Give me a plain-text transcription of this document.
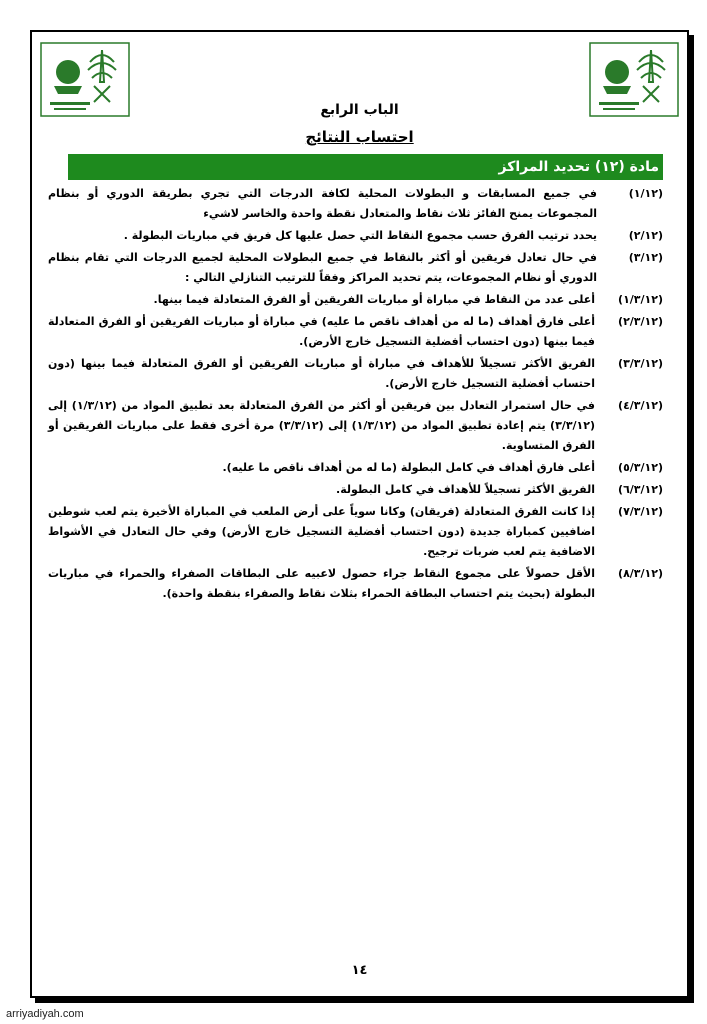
الباب الرابع
احتساب النتائج
مادة (١٢) تحديد المراكز
(١/١٢)
في جميع المسابقات و البطولات المحلية لكافة الدرجات التي تجري بطريقة الدوري أو بنظام المجموعات يمنح الفائز ثلاث نقاط والمتعادل نقطة واحدة والخاسر لاشيء
(٢/١٢)
يحدد ترتيب الفرق حسب مجموع النقاط التي حصل عليها كل فريق في مباريات البطولة .
(٣/١٢)
في حال تعادل فريقين أو أكثر بالنقاط في جميع البطولات المحلية لجميع الدرجات التي تقام بنظام الدوري أو نظام المجموعات، يتم تحديد المراكز وفقاً للترتيب التنازلي التالي :
(١/٣/١٢)
أعلى عدد من النقاط في مباراة أو مباريات الفريقين أو الفرق المتعادلة فيما بينها.
(٢/٣/١٢)
أعلى فارق أهداف (ما له من أهداف ناقص ما عليه) في مباراة أو مباريات الفريقين أو الفرق المتعادلة فيما بينها (دون احتساب أفضلية التسجيل خارج الأرض).
(٣/٣/١٢)
الفريق الأكثر تسجيلاً للأهداف في مباراة أو مباريات الفريقين أو الفرق المتعادلة فيما بينها (دون احتساب أفضلية التسجيل خارج الأرض).
(٤/٣/١٢)
في حال استمرار التعادل بين فريقين أو أكثر من الفرق المتعادلة بعد تطبيق المواد من (١/٣/١٢) إلى (٣/٣/١٢) يتم إعادة تطبيق المواد من (١/٣/١٢) إلى (٣/٣/١٢) مرة أخرى فقط على مباريات الفريقين أو الفرق المتساوية.
(٥/٣/١٢)
أعلى فارق أهداف في كامل البطولة (ما له من أهداف ناقص ما عليه).
(٦/٣/١٢)
الفريق الأكثر تسجيلاً للأهداف في كامل البطولة.
(٧/٣/١٢)
إذا كانت الفرق المتعادلة (فريقان) وكانا سوياً على أرض الملعب في المباراة الأخيرة يتم لعب شوطين اضافيين كمباراة جديدة (دون احتساب أفضلية التسجيل خارج الأرض) وفي حال التعادل في الأشواط الاضافية يتم لعب ضربات ترجيح.
(٨/٣/١٢)
الأقل حصولاً على مجموع النقاط جراء حصول لاعبيه على البطاقات الصفراء والحمراء في مباريات البطولة (بحيث يتم احتساب البطاقة الحمراء بثلاث نقاط والصفراء بنقطة واحدة).
١٤
arriyadiyah.com
